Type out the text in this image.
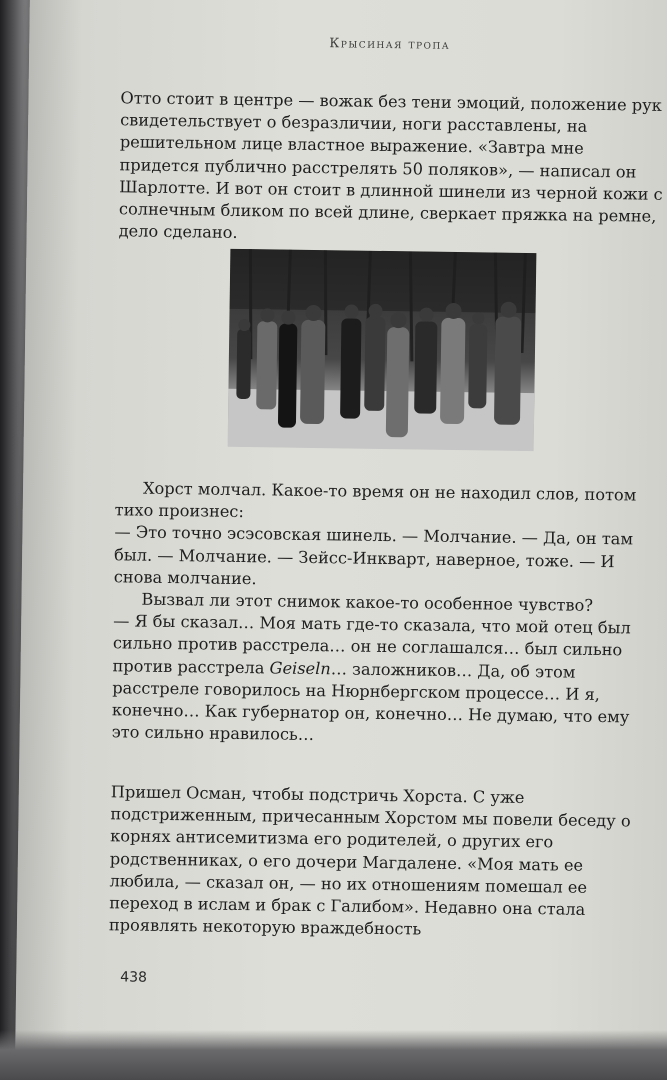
Крысиная тропа

Отто стоит в центре — вожак без тени эмоций, положение рук свидетельствует о безразличии, ноги расставлены, на решительном лице властное выражение. «Завтра мне придется публично расстрелять 50 поляков», — написал он Шарлотте. И вот он стоит в длинной шинели из черной кожи с солнечным бликом по всей длине, сверкает пряжка на ремне, дело сделано.

Хорст молчал. Какое-то время он не находил слов, потом тихо произнес:

— Это точно эсэсовская шинель. — Молчание. — Да, он там был. — Молчание. — Зейсс-Инкварт, наверное, тоже. — И снова молчание.

Вызвал ли этот снимок какое-то особенное чувство?

— Я бы сказал… Моя мать где-то сказала, что мой отец был сильно против расстрела… он не соглашался… был сильно против расстрела Geiseln… заложников… Да, об этом расстреле говорилось на Нюрнбергском процессе… И я, конечно… Как губернатор он, конечно… Не думаю, что ему это сильно нравилось…

Пришел Осман, чтобы подстричь Хорста. С уже подстриженным, причесанным Хорстом мы повели беседу о корнях антисемитизма его родителей, о других его родственниках, о его дочери Магдалене. «Моя мать ее любила, — сказал он, — но их отношениям помешал ее переход в ислам и брак с Галибом». Недавно она стала проявлять некоторую враждебность

438
